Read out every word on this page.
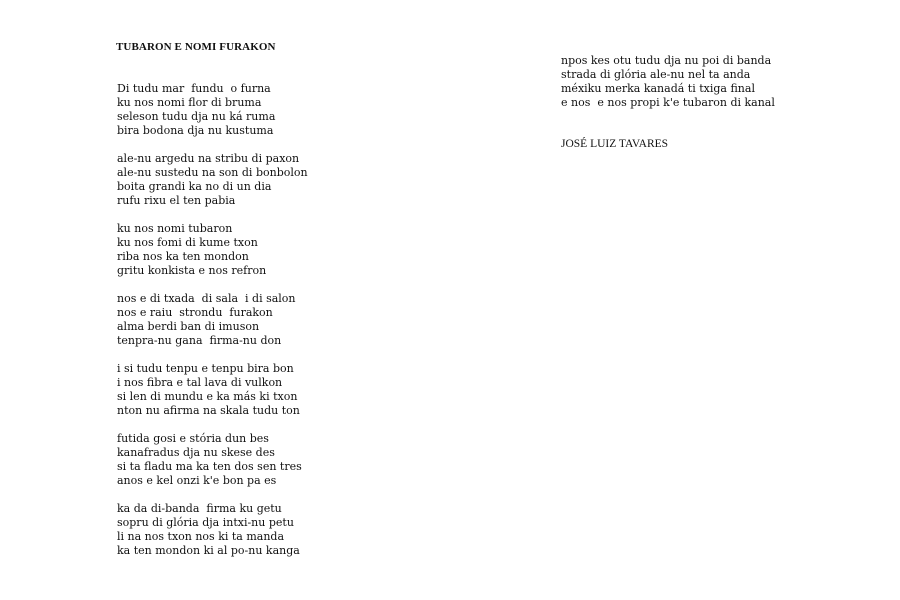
TUBARON E NOMI FURAKON
Di tudu mar  fundu  o furna
ku nos nomi flor di bruma
seleson tudu dja nu ká ruma
bira bodona dja nu kustuma
ale-nu argedu na stribu di paxon
ale-nu sustedu na son di bonbolon
boita grandi ka no di un dia
rufu rixu el ten pabia
ku nos nomi tubaron
ku nos fomi di kume txon
riba nos ka ten mondon
gritu konkista e nos refron
nos e di txada  di sala  i di salon
nos e raiu  strondu  furakon
alma berdi ban di imuson
tenpra-nu gana  firma-nu don
i si tudu tenpu e tenpu bira bon
i nos fibra e tal lava di vulkon
si len di mundu e ka más ki txon
nton nu afirma na skala tudu ton
futida gosi e stória dun bes
kanafradus dja nu skese des
si ta fladu ma ka ten dos sen tres
anos e kel onzi k'e bon pa es
ka da di-banda  firma ku getu
sopru di glória dja intxi-nu petu
li na nos txon nos ki ta manda
ka ten mondon ki al po-nu kanga
npos kes otu tudu dja nu poi di banda
strada di glória ale-nu nel ta anda
méxiku merka kanadá ti txiga final
e nos  e nos propi k'e tubaron di kanal
JOSÉ LUIZ TAVARES
